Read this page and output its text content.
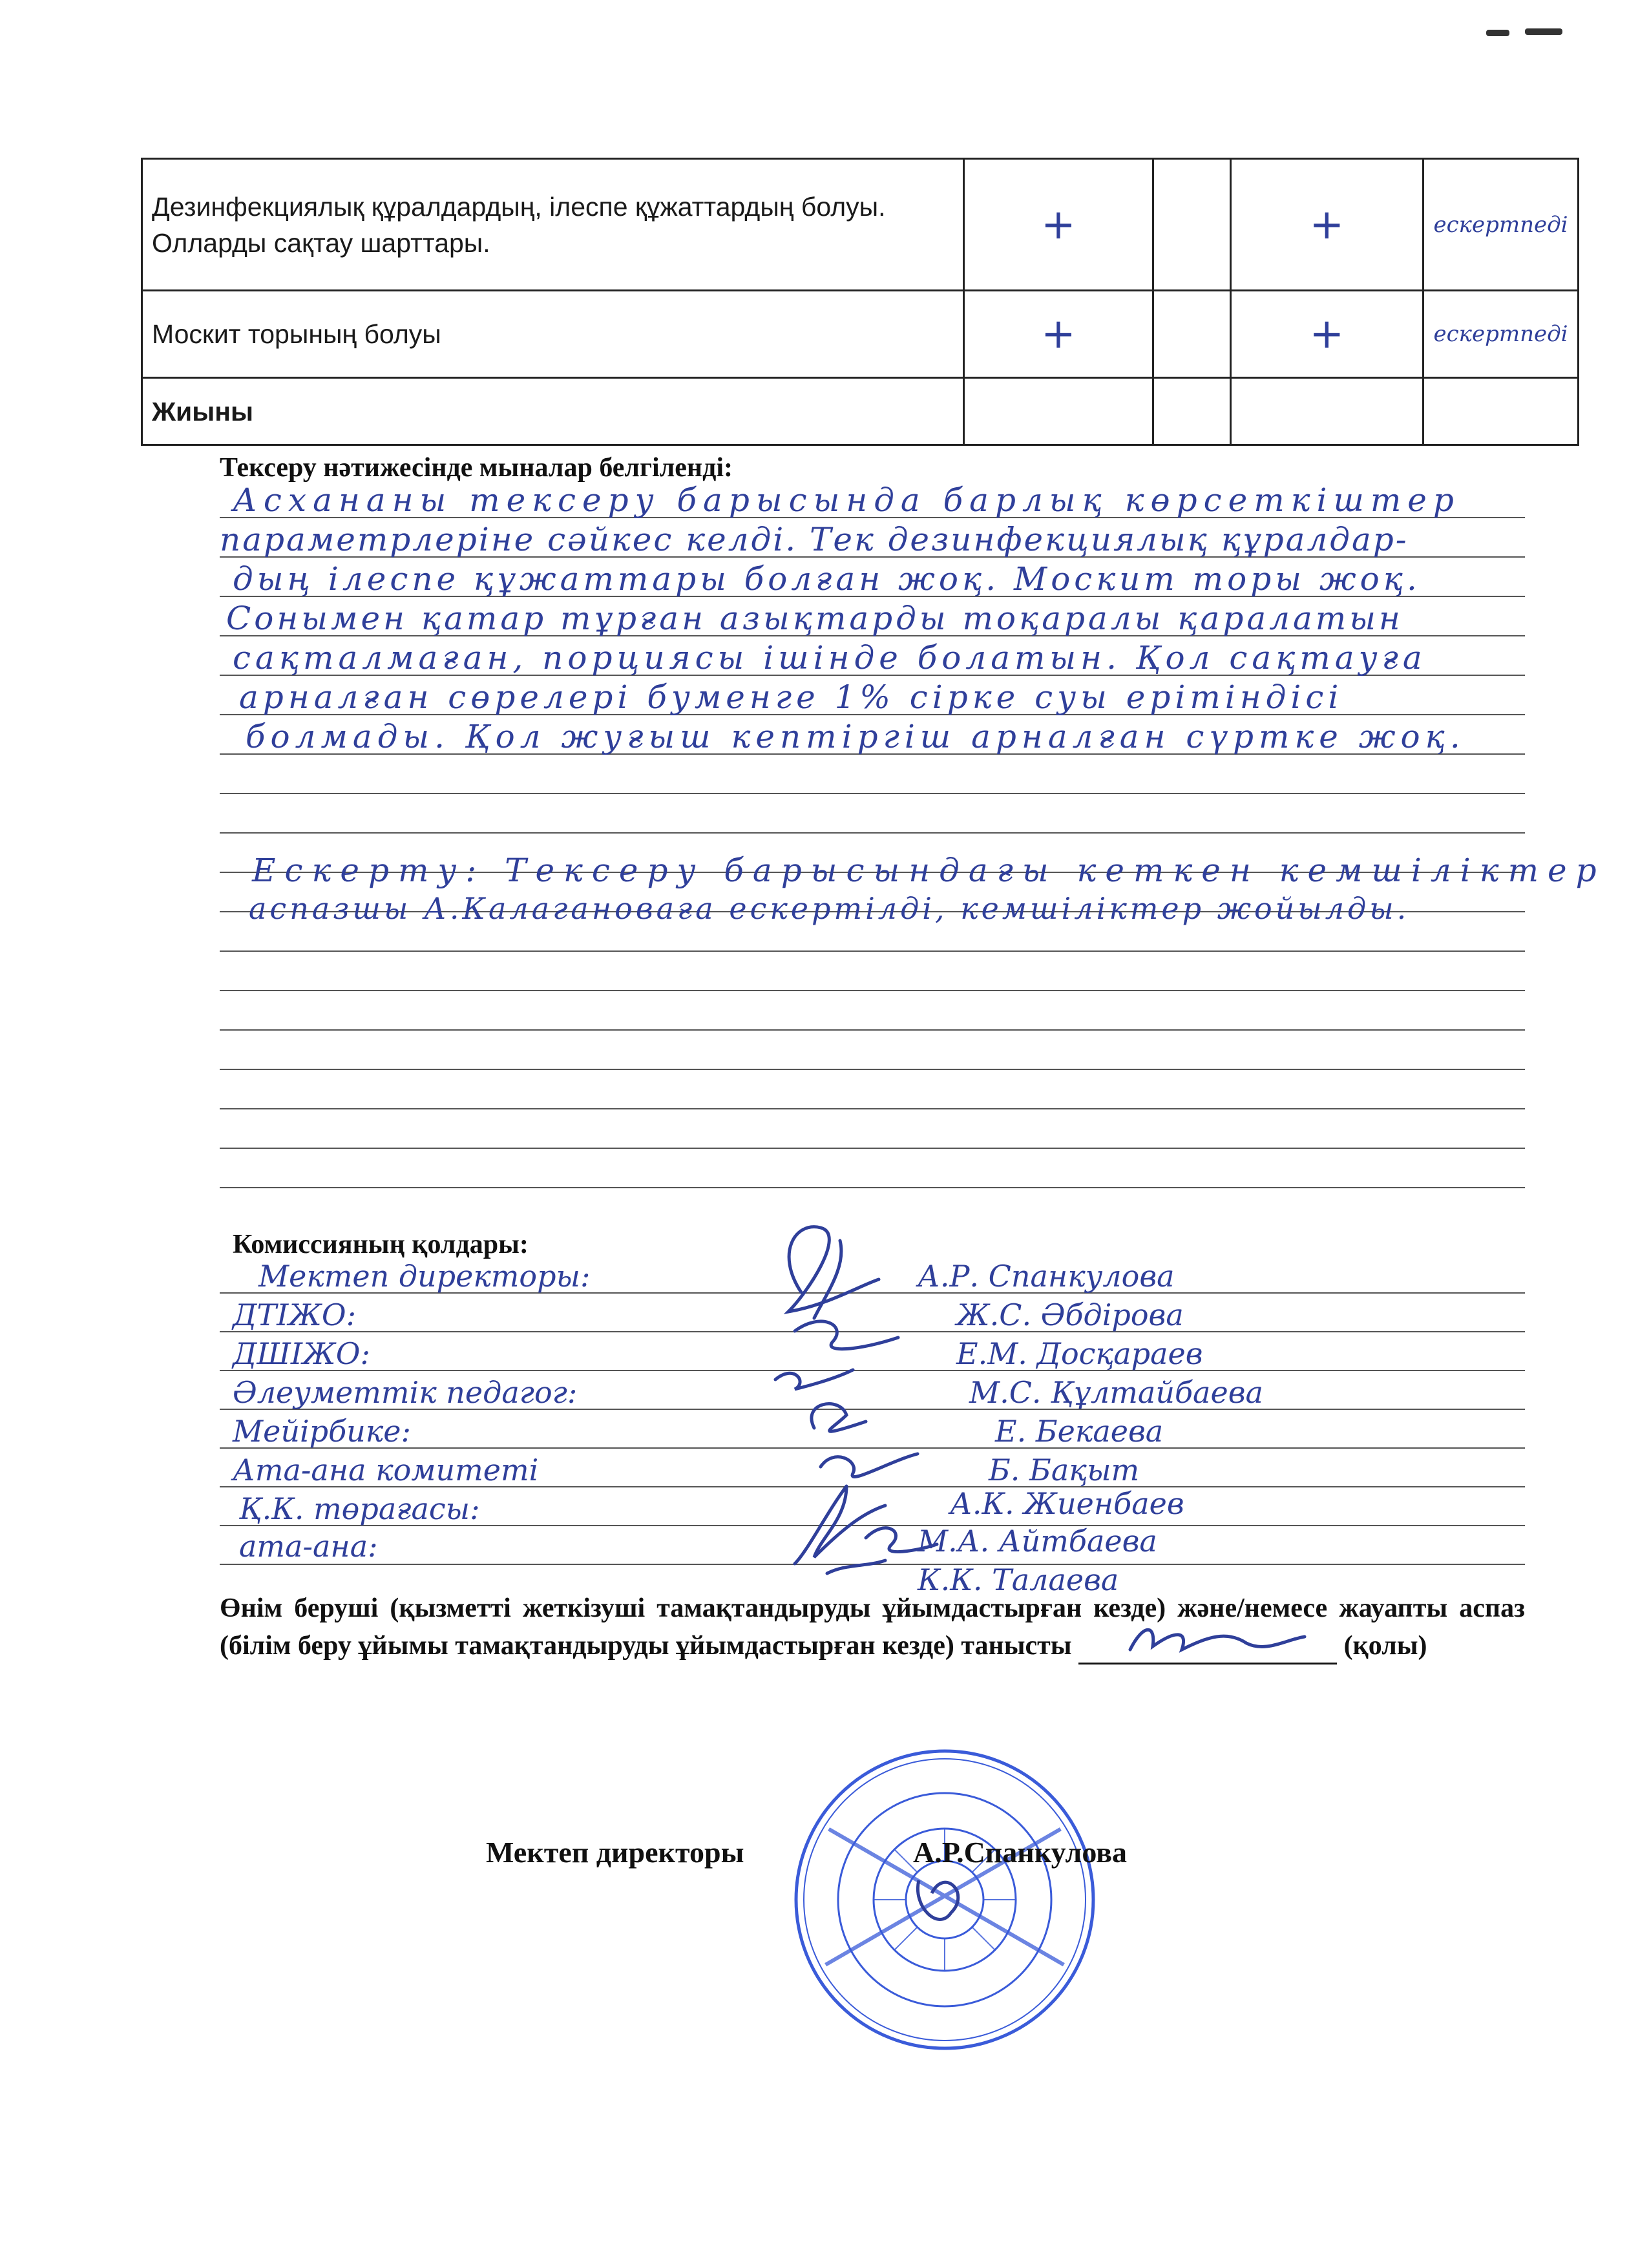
Дезинфекциялық құралдардың, ілеспе құжаттардың болуы. Олларды сақтау шарттары.	+		+	ескертпеді
Москит торының болуы	+		+	ескертпеді
Жиыны				
Тексеру нәтижесінде мыналар белгіленді:
Асхананы тексеру барысында барлық көрсеткіштер
параметрлеріне сәйкес келді. Тек дезинфекциялық құралдар-
дың ілеспе құжаттары болған жоқ. Москит торы жоқ.
Сонымен қатар тұрған азықтарды тоқаралы қаралатын
сақталмаған, порциясы ішінде болатын. Қол сақтауға
арналған сөрелері буменге 1% сірке суы ерітіндісі
болмады. Қол жуғыш кептіргіш арналған сүртке жоқ.
Ескерту: Тексеру барысындағы кеткен кемшіліктер
аспазшы А.Калагановаға ескертілді, кемшіліктер жойылды.
Комиссияның қолдары:
Мектеп директоры:	А.Р. Спанкулова
ДТІЖО:	Ж.С. Әбдірова
ДШІЖО:	Е.М. Досқараев
Әлеуметтік педагог:	М.С. Құлтайбаева
Мейірбике:	Е. Бекаева
Ата-ана комитеті	Б. Бақыт
Қ.К. төрағасы:	А.К. Жиенбаев
ата-ана:	М.А. Айтбаева
К.К. Талаева
Өнім беруші (қызметті жеткізуші тамақтандыруды ұйымдастырған кезде) және/немесе жауапты аспаз (білім беру ұйымы тамақтандыруды ұйымдастырған кезде) танысты	(қолы)
Мектеп директоры	А.Р.Спанкулова
